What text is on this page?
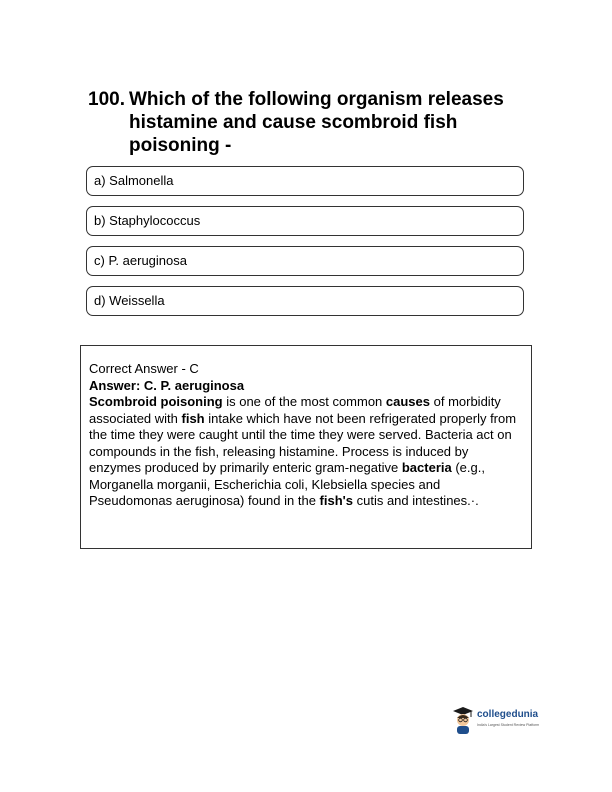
100. Which of the following organism releases histamine and cause scombroid fish poisoning -
a) Salmonella
b) Staphylococcus
c) P. aeruginosa
d) Weissella

Correct Answer - C

Answer: C. P. aeruginosa

Scombroid poisoning is one of the most common causes of morbidity associated with fish intake which have not been refrigerated properly from the time they were caught until the time they were served. Bacteria act on compounds in the fish, releasing histamine. Process is induced by enzymes produced by primarily enteric gram-negative bacteria (e.g., Morganella morganii, Escherichia coli, Klebsiella species and Pseudomonas aeruginosa) found in the fish's cutis and intestines.·.

collegedunia
India's Largest Student Review Platform
